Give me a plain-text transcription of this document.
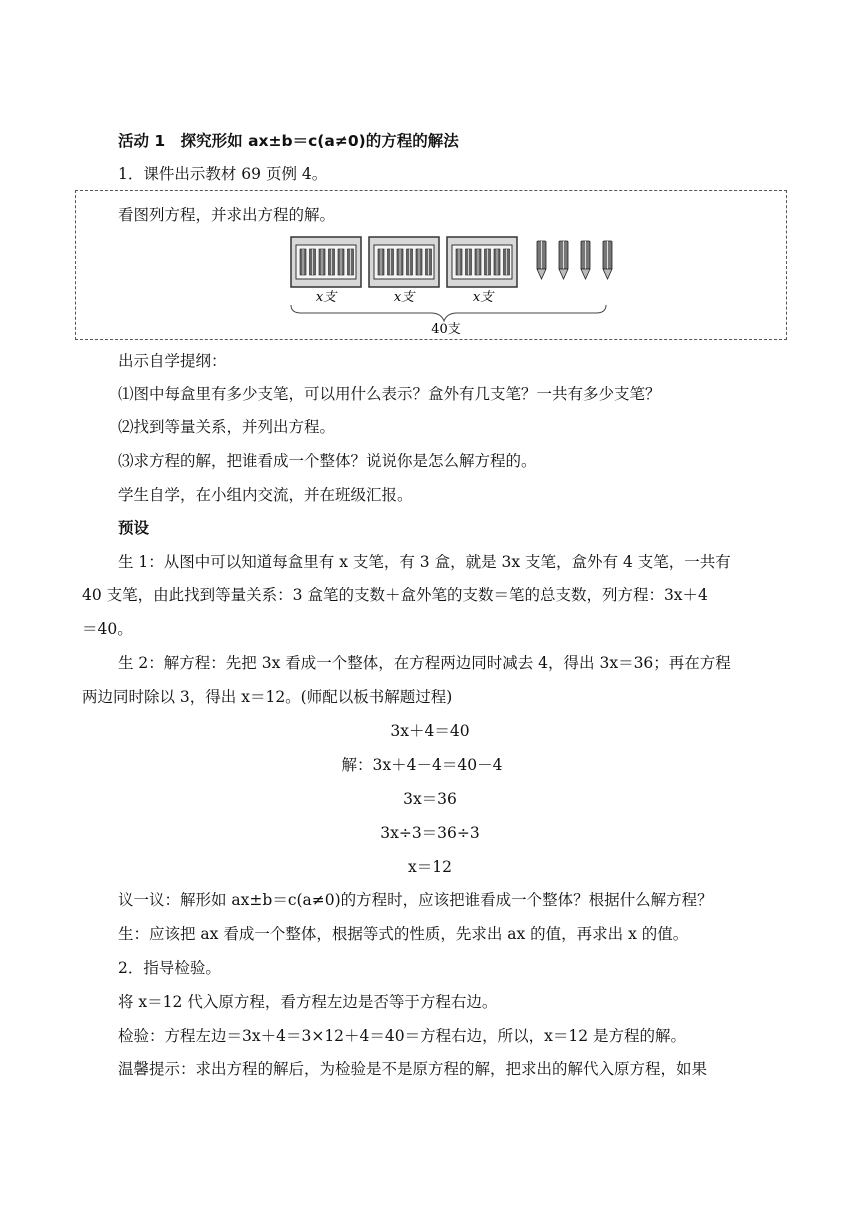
活动 1　探究形如 ax±b＝c(a≠0)的方程的解法
1．课件出示教材 69 页例 4。
看图列方程，并求出方程的解。
x支	x支	x支
40支
出示自学提纲：
⑴图中每盒里有多少支笔，可以用什么表示？盒外有几支笔？一共有多少支笔？
⑵找到等量关系，并列出方程。
⑶求方程的解，把谁看成一个整体？说说你是怎么解方程的。
学生自学，在小组内交流，并在班级汇报。
预设
生 1：从图中可以知道每盒里有 x 支笔，有 3 盒，就是 3x 支笔，盒外有 4 支笔，一共有
40 支笔，由此找到等量关系：3 盒笔的支数＋盒外笔的支数＝笔的总支数，列方程：3x＋4
＝40。
生 2：解方程：先把 3x 看成一个整体，在方程两边同时减去 4，得出 3x＝36；再在方程
两边同时除以 3，得出 x＝12。(师配以板书解题过程)
3x＋4＝40
解：3x＋4－4＝40－4
3x＝36
3x÷3＝36÷3
x＝12
议一议：解形如 ax±b＝c(a≠0)的方程时，应该把谁看成一个整体？根据什么解方程？
生：应该把 ax 看成一个整体，根据等式的性质，先求出 ax 的值，再求出 x 的值。
2．指导检验。
将 x＝12 代入原方程，看方程左边是否等于方程右边。
检验：方程左边＝3x＋4＝3×12＋4＝40＝方程右边，所以，x＝12 是方程的解。
温馨提示：求出方程的解后，为检验是不是原方程的解，把求出的解代入原方程，如果
